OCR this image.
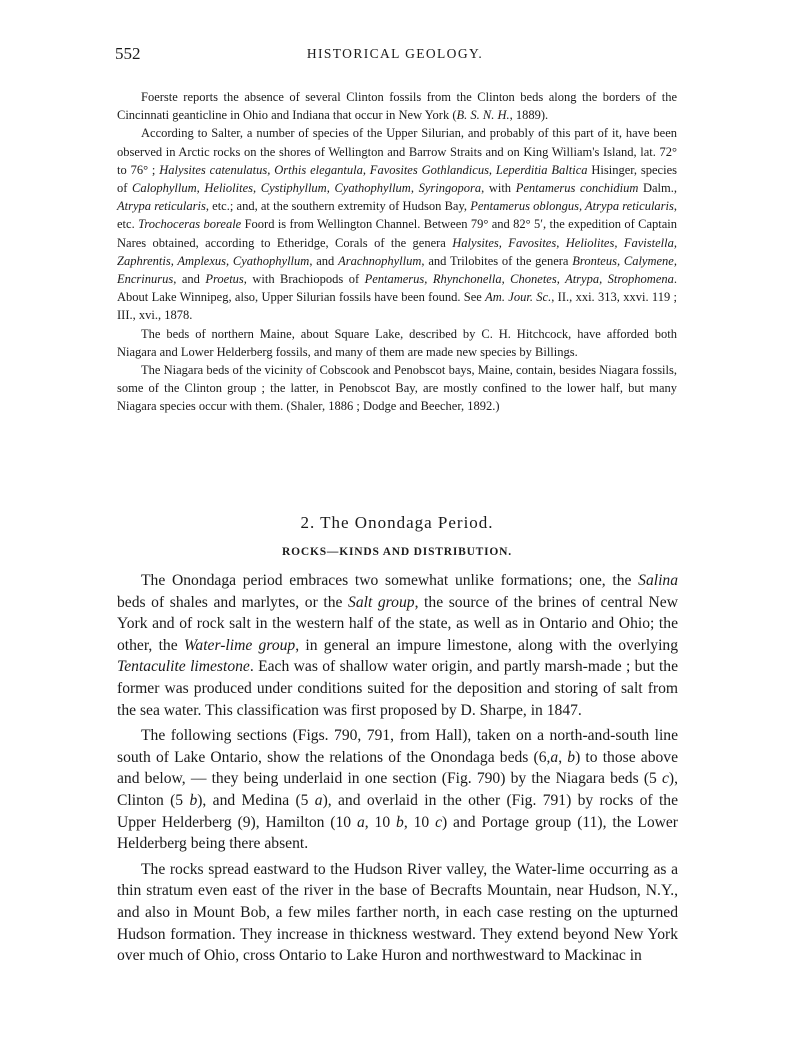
552	HISTORICAL GEOLOGY.

Foerste reports the absence of several Clinton fossils from the Clinton beds along the borders of the Cincinnati geanticline in Ohio and Indiana that occur in New York (B. S. N. H., 1889).

According to Salter, a number of species of the Upper Silurian, and probably of this part of it, have been observed in Arctic rocks on the shores of Wellington and Barrow Straits and on King William's Island, lat. 72° to 76° ; Halysites catenulatus, Orthis elegantula, Favosites Gothlandicus, Leperditia Baltica Hisinger, species of Calophyllum, Heliolites, Cystiphyllum, Cyathophyllum, Syringopora, with Pentamerus conchidium Dalm., Atrypa reticularis, etc.; and, at the southern extremity of Hudson Bay, Pentamerus oblongus, Atrypa reticularis, etc. Trochoceras boreale Foord is from Wellington Channel. Between 79° and 82° 5′, the expedition of Captain Nares obtained, according to Etheridge, Corals of the genera Halysites, Favosites, Heliolites, Favistella, Zaphrentis, Amplexus, Cyathophyllum, and Arachnophyllum, and Trilobites of the genera Bronteus, Calymene, Encrinurus, and Proetus, with Brachiopods of Pentamerus, Rhynchonella, Chonetes, Atrypa, Strophomena. About Lake Winnipeg, also, Upper Silurian fossils have been found. See Am. Jour. Sc., II., xxi. 313, xxvi. 119 ; III., xvi., 1878.

The beds of northern Maine, about Square Lake, described by C. H. Hitchcock, have afforded both Niagara and Lower Helderberg fossils, and many of them are made new species by Billings.

The Niagara beds of the vicinity of Cobscook and Penobscot bays, Maine, contain, besides Niagara fossils, some of the Clinton group ; the latter, in Penobscot Bay, are mostly confined to the lower half, but many Niagara species occur with them. (Shaler, 1886 ; Dodge and Beecher, 1892.)

2. The Onondaga Period.
ROCKS—KINDS AND DISTRIBUTION.

The Onondaga period embraces two somewhat unlike formations; one, the Salina beds of shales and marlytes, or the Salt group, the source of the brines of central New York and of rock salt in the western half of the state, as well as in Ontario and Ohio; the other, the Water-lime group, in general an impure limestone, along with the overlying Tentaculite limestone. Each was of shallow water origin, and partly marsh-made ; but the former was produced under conditions suited for the deposition and storing of salt from the sea water. This classification was first proposed by D. Sharpe, in 1847.

The following sections (Figs. 790, 791, from Hall), taken on a north-and-south line south of Lake Ontario, show the relations of the Onondaga beds (6,a, b) to those above and below, — they being underlaid in one section (Fig. 790) by the Niagara beds (5 c), Clinton (5 b), and Medina (5 a), and overlaid in the other (Fig. 791) by rocks of the Upper Helderberg (9), Hamilton (10 a, 10 b, 10 c) and Portage group (11), the Lower Helderberg being there absent.

The rocks spread eastward to the Hudson River valley, the Water-lime occurring as a thin stratum even east of the river in the base of Becrafts Mountain, near Hudson, N.Y., and also in Mount Bob, a few miles farther north, in each case resting on the upturned Hudson formation. They increase in thickness westward. They extend beyond New York over much of Ohio, cross Ontario to Lake Huron and northwestward to Mackinac in
